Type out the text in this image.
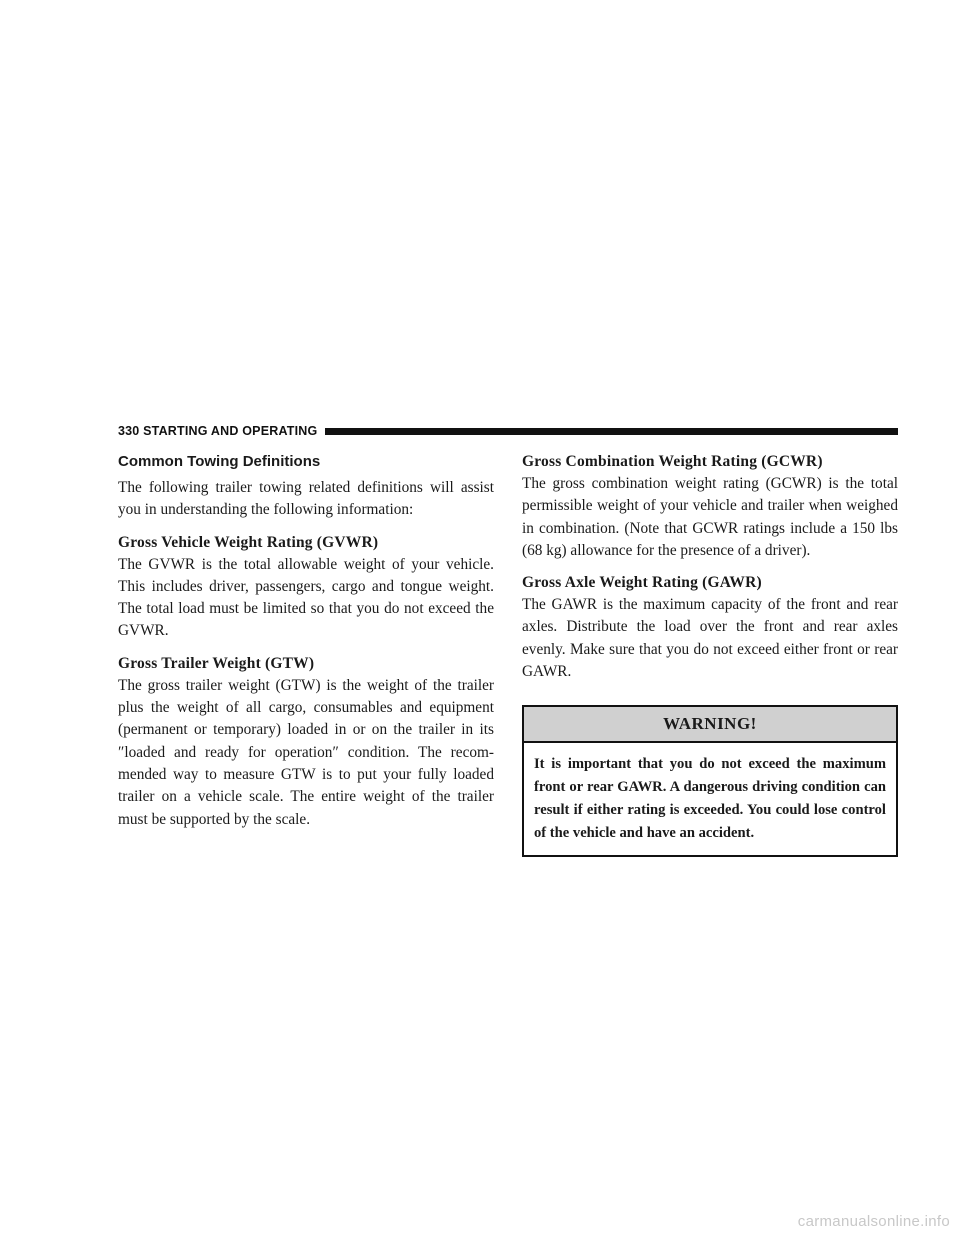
330 STARTING AND OPERATING
Common Towing Definitions

The following trailer towing related definitions will assist you in understanding the following information:

Gross Vehicle Weight Rating (GVWR)

The GVWR is the total allowable weight of your vehicle. This includes driver, passengers, cargo and tongue weight. The total load must be limited so that you do not exceed the GVWR.

Gross Trailer Weight (GTW)

The gross trailer weight (GTW) is the weight of the trailer plus the weight of all cargo, consumables and equipment (permanent or temporary) loaded in or on the trailer in its ″loaded and ready for operation″ condition. The recom-mended way to measure GTW is to put your fully loaded trailer on a vehicle scale. The entire weight of the trailer must be supported by the scale.

Gross Combination Weight Rating (GCWR)

The gross combination weight rating (GCWR) is the total permissible weight of your vehicle and trailer when weighed in combination. (Note that GCWR ratings include a 150 lbs (68 kg) allowance for the presence of a driver).

Gross Axle Weight Rating (GAWR)

The GAWR is the maximum capacity of the front and rear axles. Distribute the load over the front and rear axles evenly. Make sure that you do not exceed either front or rear GAWR.

WARNING!
It is important that you do not exceed the maximum front or rear GAWR. A dangerous driving condition can result if either rating is exceeded. You could lose control of the vehicle and have an accident.
carmanualsonline.info
